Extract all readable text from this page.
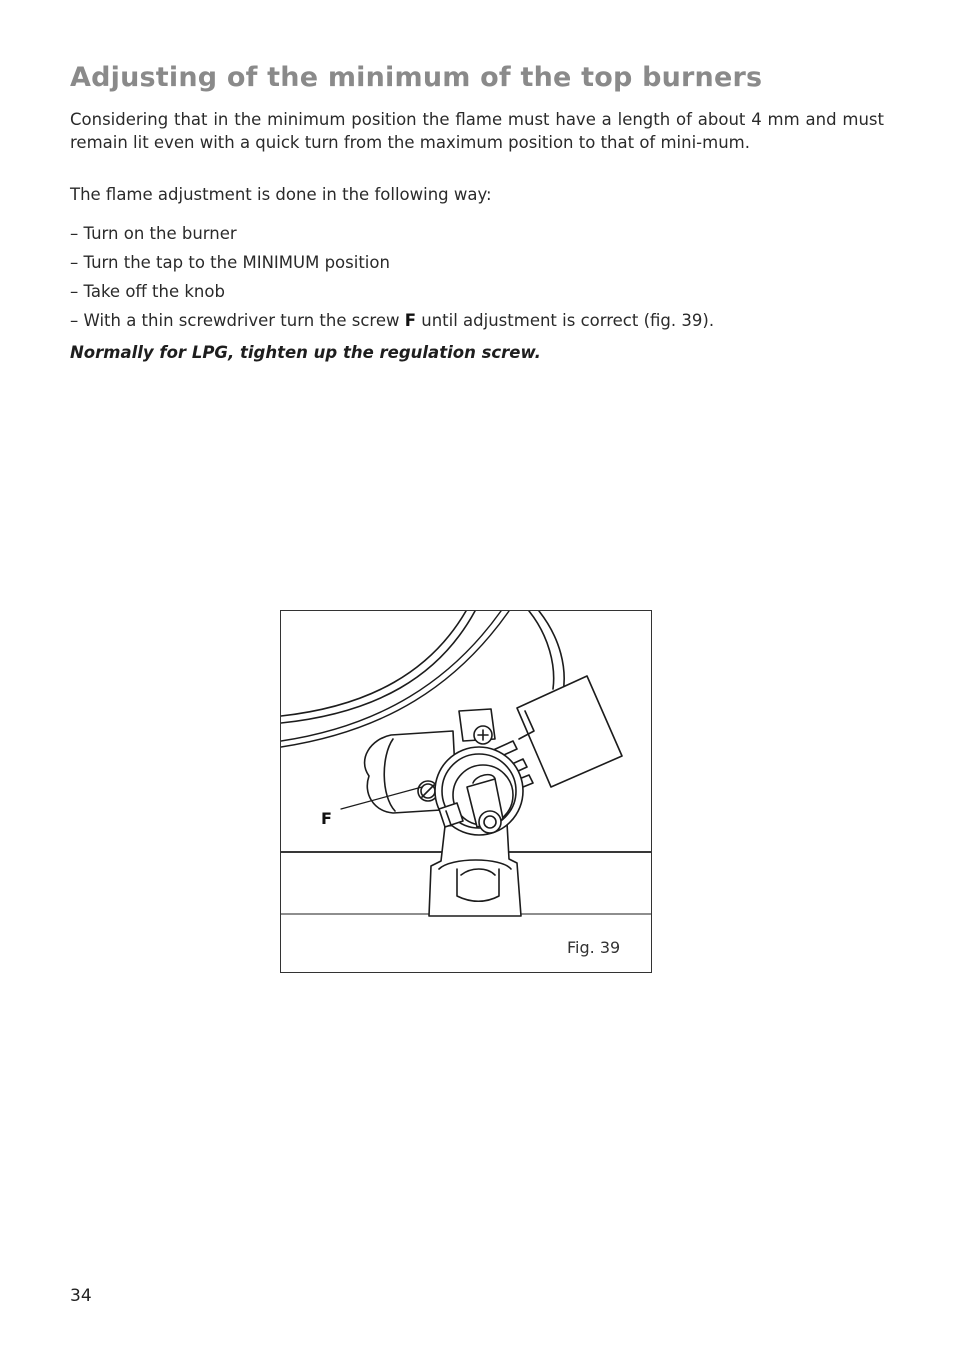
Adjusting of the minimum of the top burners

Considering that in the minimum position the flame must have a length of about 4 mm and must remain lit even with a quick turn from the maximum position to that of mini-mum.

The flame adjustment is done in the following way:

– Turn on the burner
– Turn the tap to the MINIMUM position
– Take off the knob
– With a thin screwdriver turn the screw F until adjustment is correct (fig. 39).

Normally for LPG, tighten up the regulation screw.

F
Fig. 39
34
